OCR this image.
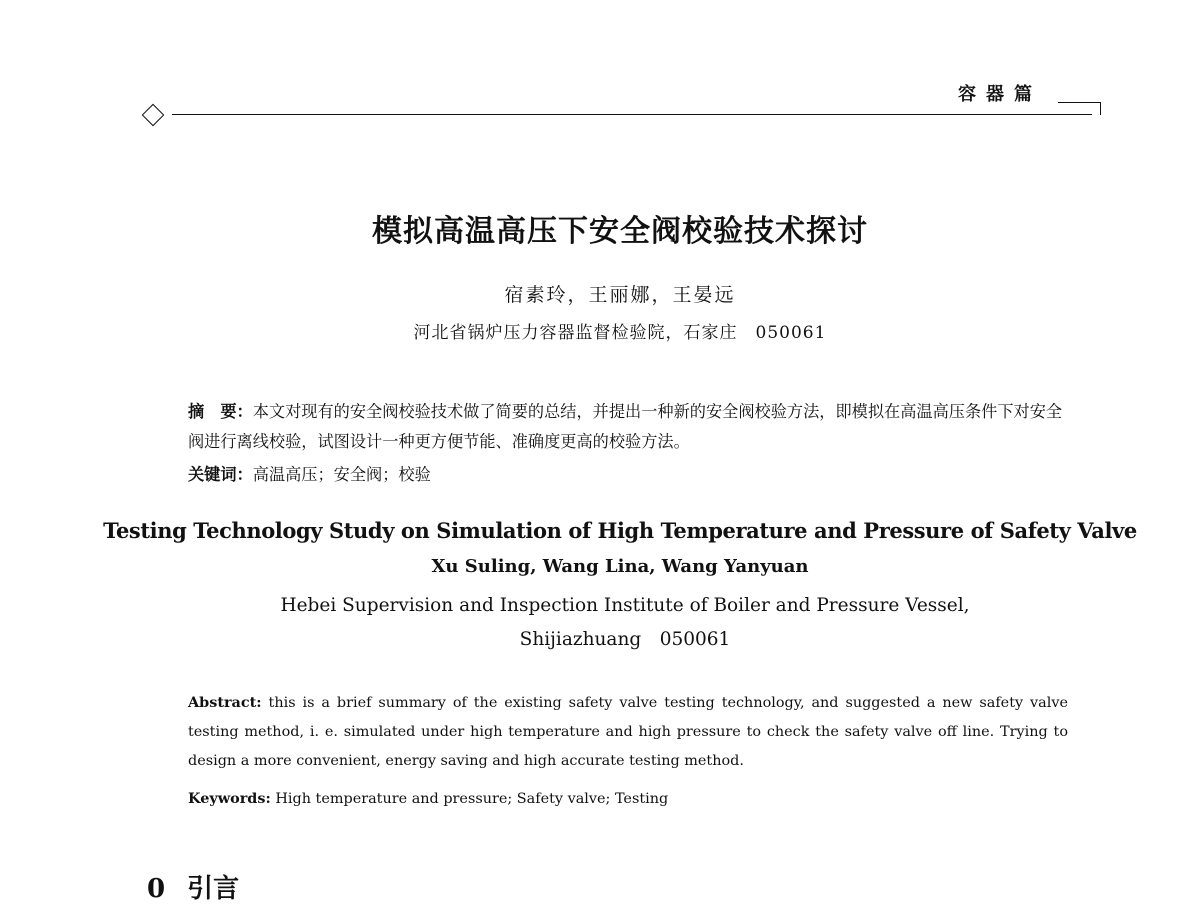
容器篇
模拟高温高压下安全阀校验技术探讨
宿素玲，王丽娜，王晏远
河北省锅炉压力容器监督检验院，石家庄　050061
摘　要：本文对现有的安全阀校验技术做了简要的总结，并提出一种新的安全阀校验方法，即模拟在高温高压条件下对安全阀进行离线校验，试图设计一种更方便节能、准确度更高的校验方法。
关键词：高温高压；安全阀；校验
Testing Technology Study on Simulation of High Temperature and Pressure of Safety Valve
Xu Suling, Wang Lina, Wang Yanyuan
Hebei Supervision and Inspection Institute of Boiler and Pressure Vessel,
Shijiazhuang　050061
Abstract: this is a brief summary of the existing safety valve testing technology, and suggested a new safety valve testing method, i. e. simulated under high temperature and high pressure to check the safety valve off line. Trying to design a more convenient, energy saving and high accurate testing method.
Keywords: High temperature and pressure; Safety valve; Testing
0 引言
